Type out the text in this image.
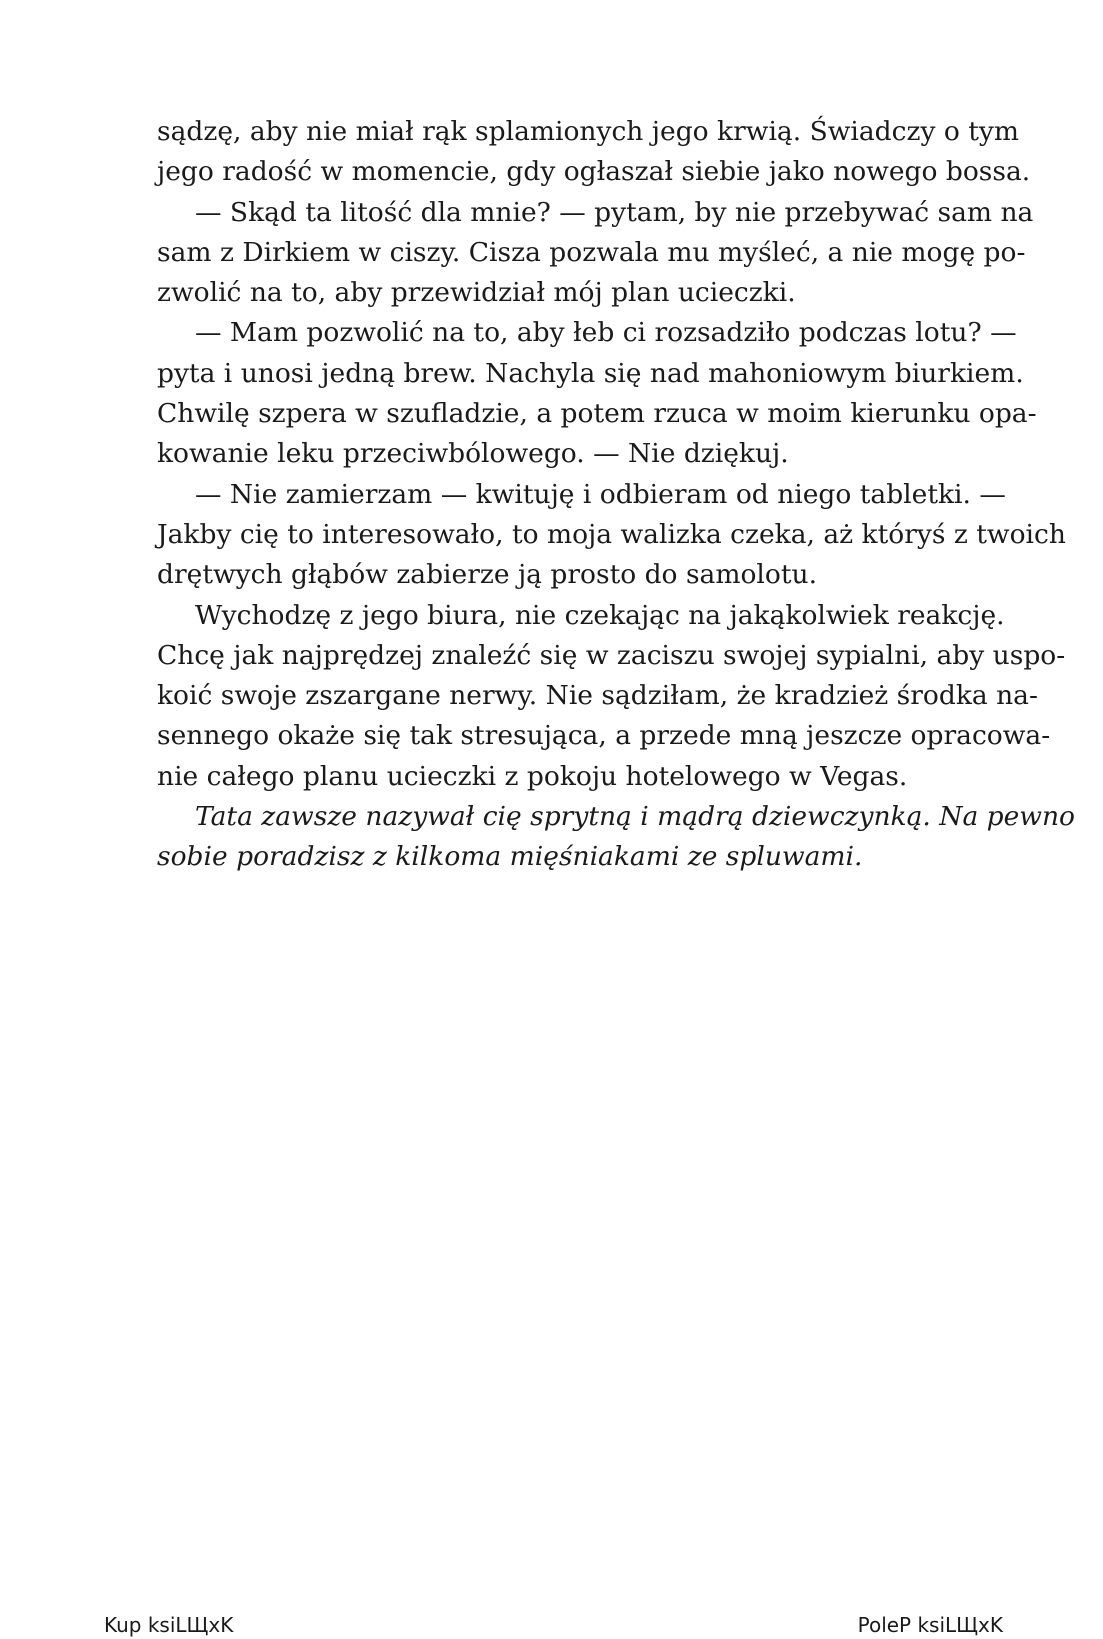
sądzę, aby nie miał rąk splamionych jego krwią. Świadczy o tym
jego radość w momencie, gdy ogłaszał siebie jako nowego bossa.
— Skąd ta litość dla mnie? — pytam, by nie przebywać sam na
sam z Dirkiem w ciszy. Cisza pozwala mu myśleć, a nie mogę po-
zwolić na to, aby przewidział mój plan ucieczki.
— Mam pozwolić na to, aby łeb ci rozsadziło podczas lotu? —
pyta i unosi jedną brew. Nachyla się nad mahoniowym biurkiem.
Chwilę szpera w szufladzie, a potem rzuca w moim kierunku opa-
kowanie leku przeciwbólowego. — Nie dziękuj.
— Nie zamierzam — kwituję i odbieram od niego tabletki. —
Jakby cię to interesowało, to moja walizka czeka, aż któryś z twoich
drętwych głąbów zabierze ją prosto do samolotu.
Wychodzę z jego biura, nie czekając na jakąkolwiek reakcję.
Chcę jak najprędzej znaleźć się w zaciszu swojej sypialni, aby uspo-
koić swoje zszargane nerwy. Nie sądziłam, że kradzież środka na-
sennego okaże się tak stresująca, a przede mną jeszcze opracowa-
nie całego planu ucieczki z pokoju hotelowego w Vegas.
Tata zawsze nazywał cię sprytną i mądrą dziewczynką. Na pewno
sobie poradzisz z kilkoma mięśniakami ze spluwami.
Kup ksiLЩxK	PoleP ksiLЩxK
